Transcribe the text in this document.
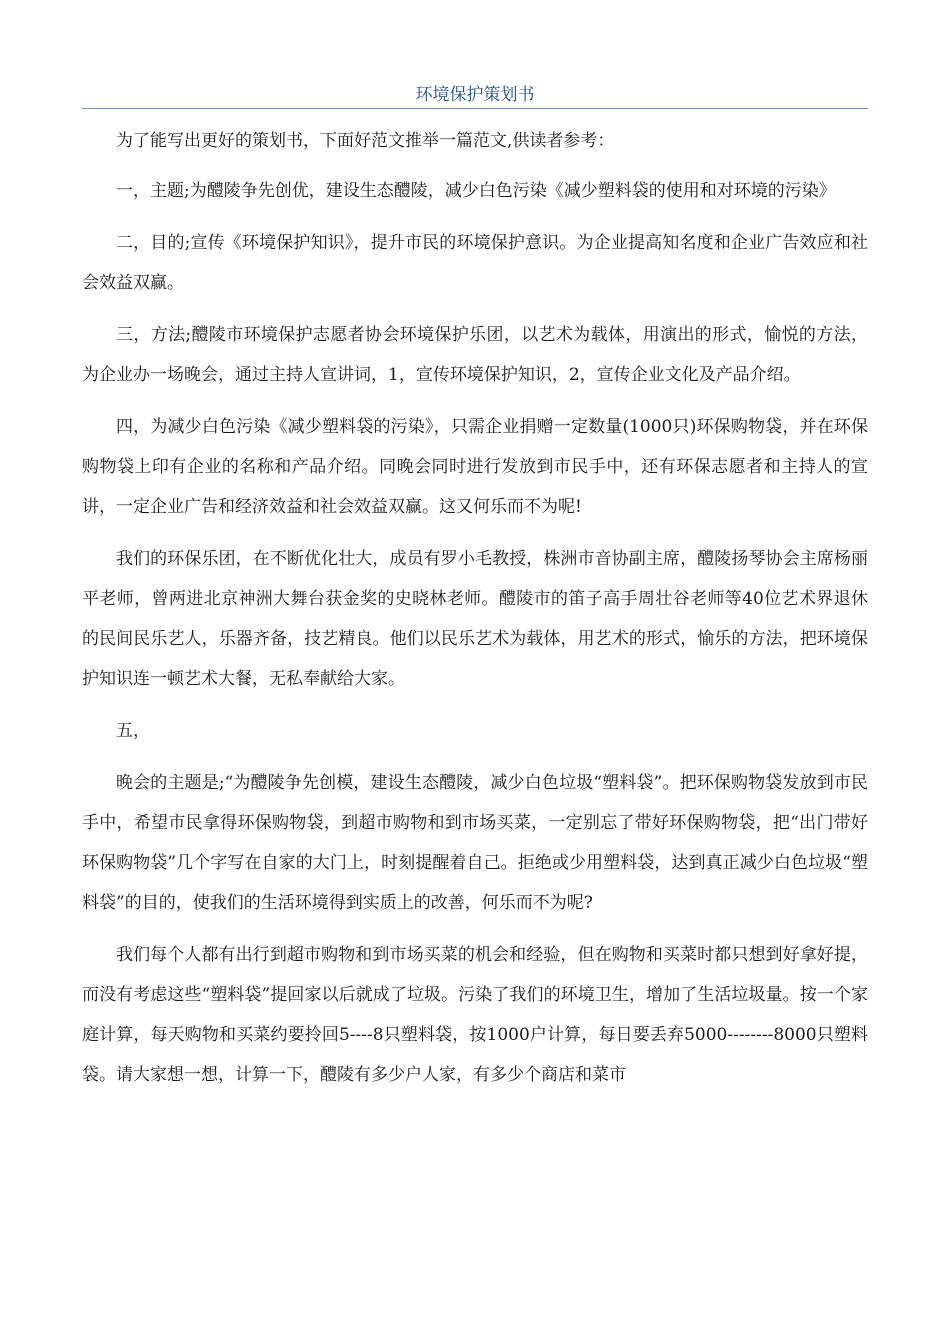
环境保护策划书

为了能写出更好的策划书，下面好范文推举一篇范文,供读者参考：

一，主题;为醴陵争先创优，建设生态醴陵，减少白色污染《减少塑料袋的使用和对环境的污染》

二，目的;宣传《环境保护知识》，提升市民的环境保护意识。为企业提高知名度和企业广告效应和社会效益双赢。

三，方法;醴陵市环境保护志愿者协会环境保护乐团，以艺术为载体，用演出的形式，愉悦的方法，为企业办一场晚会，通过主持人宣讲词，1，宣传环境保护知识，2，宣传企业文化及产品介绍。

四，为减少白色污染《减少塑料袋的污染》，只需企业捐赠一定数量(1000只)环保购物袋，并在环保购物袋上印有企业的名称和产品介绍。同晚会同时进行发放到市民手中，还有环保志愿者和主持人的宣讲，一定企业广告和经济效益和社会效益双赢。这又何乐而不为呢!

我们的环保乐团，在不断优化壮大，成员有罗小毛教授，株洲市音协副主席，醴陵扬琴协会主席杨丽平老师，曾两进北京神洲大舞台获金奖的史晓林老师。醴陵市的笛子高手周壮谷老师等40位艺术界退休的民间民乐艺人，乐器齐备，技艺精良。他们以民乐艺术为载体，用艺术的形式，愉乐的方法，把环境保护知识连一顿艺术大餐，无私奉献给大家。

五，

晚会的主题是;“为醴陵争先创模，建设生态醴陵，减少白色垃圾“塑料袋”。把环保购物袋发放到市民手中，希望市民拿得环保购物袋，到超市购物和到市场买菜，一定别忘了带好环保购物袋，把“出门带好环保购物袋”几个字写在自家的大门上，时刻提醒着自己。拒绝或少用塑料袋，达到真正减少白色垃圾“塑料袋”的目的，使我们的生活环境得到实质上的改善，何乐而不为呢?

我们每个人都有出行到超市购物和到市场买菜的机会和经验，但在购物和买菜时都只想到好拿好提，而没有考虑这些“塑料袋”提回家以后就成了垃圾。污染了我们的环境卫生，增加了生活垃圾量。按一个家庭计算，每天购物和买菜约要拎回5----8只塑料袋，按1000户计算，每日要丢弃5000--------8000只塑料袋。请大家想一想，计算一下，醴陵有多少户人家，有多少个商店和菜市
